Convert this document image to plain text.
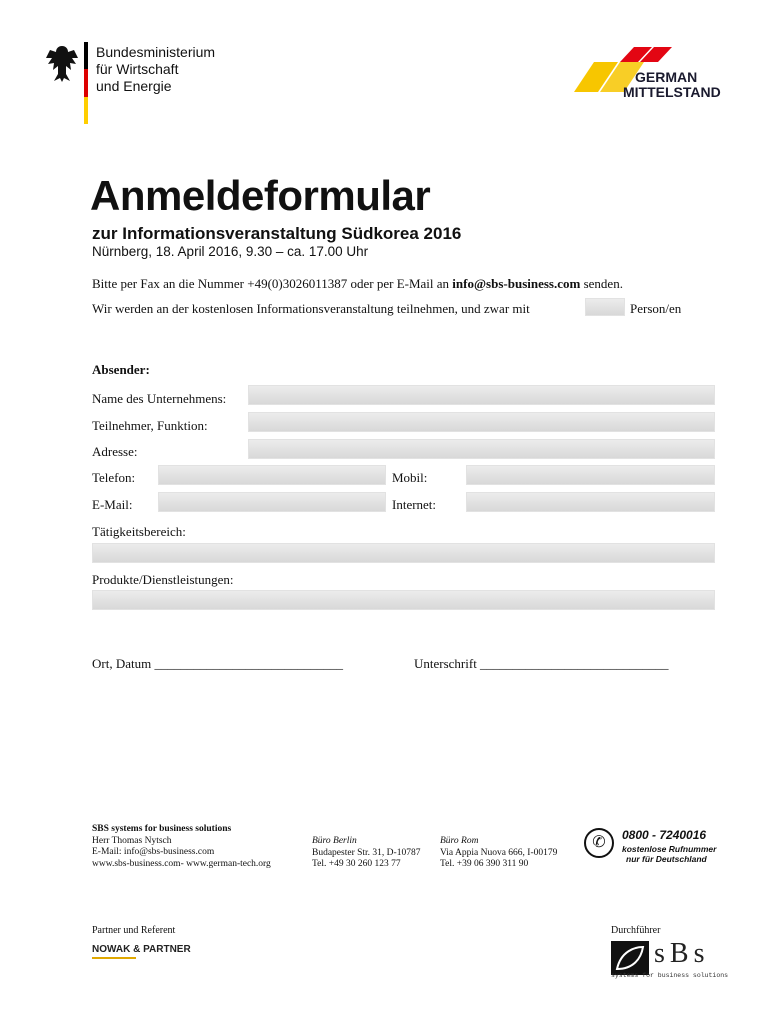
Bundesministerium
für Wirtschaft
und Energie
GERMAN
MITTELSTAND
Anmeldeformular
zur Informationsveranstaltung Südkorea 2016
Nürnberg, 18. April 2016, 9.30 – ca. 17.00 Uhr
Bitte per Fax an die Nummer +49(0)3026011387 oder per E-Mail an info@sbs-business.com senden.
Wir werden an der kostenlosen Informationsveranstaltung teilnehmen, und zwar mit	Person/en
Absender:
Name des Unternehmens:
Teilnehmer, Funktion:
Adresse:
Telefon:	Mobil:
E-Mail:	Internet:
Tätigkeitsbereich:
Produkte/Dienstleistungen:
Ort, Datum _____________________________	Unterschrift _____________________________
SBS systems for business solutions
Herr Thomas Nytsch
E-Mail: info@sbs-business.com
www.sbs-business.com- www.german-tech.org
Büro Berlin
Budapester Str. 31, D-10787
Tel. +49 30 260 123 77
Büro Rom
Via Appia Nuova 666, I-00179
Tel. +39 06 390 311 90
✆	0800 - 7240016
kostenlose Rufnummer
nur für Deutschland
Partner und Referent
NOWAK & PARTNER
Durchführer
sBs
systems for business solutions
